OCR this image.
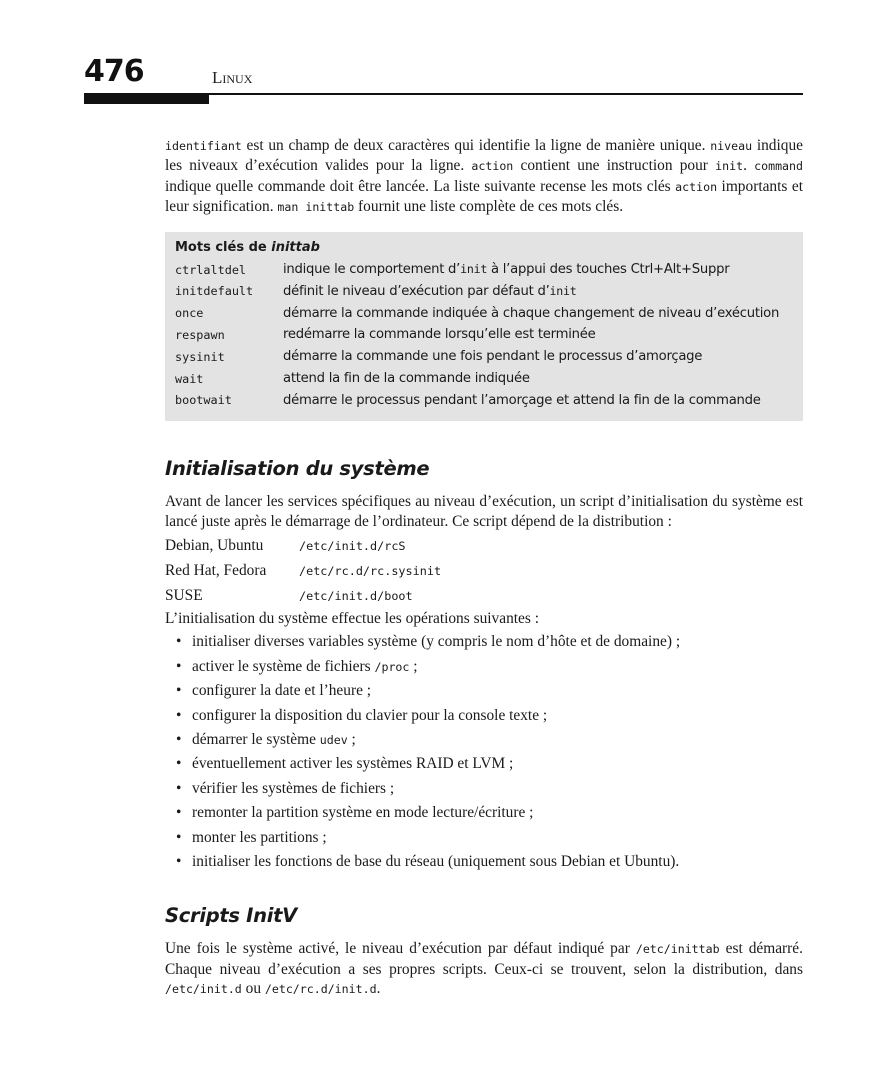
476	Linux

identifiant est un champ de deux caractères qui identifie la ligne de manière unique. niveau indique les niveaux d’exécution valides pour la ligne. action contient une instruction pour init. command indique quelle commande doit être lancée. La liste suivante recense les mots clés action importants et leur signification. man inittab fournit une liste complète de ces mots clés.

Mots clés de inittab
ctrlaltdel	indique le comportement d’init à l’appui des touches Ctrl+Alt+Suppr
initdefault	définit le niveau d’exécution par défaut d’init
once	démarre la commande indiquée à chaque changement de niveau d’exécution
respawn	redémarre la commande lorsqu’elle est terminée
sysinit	démarre la commande une fois pendant le processus d’amorçage
wait	attend la fin de la commande indiquée
bootwait	démarre le processus pendant l’amorçage et attend la fin de la commande
Initialisation du système

Avant de lancer les services spécifiques au niveau d’exécution, un script d’initialisation du système est lancé juste après le démarrage de l’ordinateur. Ce script dépend de la distribution :

Debian, Ubuntu	/etc/init.d/rcS
Red Hat, Fedora	/etc/rc.d/rc.sysinit
SUSE	/etc/init.d/boot

L’initialisation du système effectue les opérations suivantes :

• initialiser diverses variables système (y compris le nom d’hôte et de domaine) ;
• activer le système de fichiers /proc ;
• configurer la date et l’heure ;
• configurer la disposition du clavier pour la console texte ;
• démarrer le système udev ;
• éventuellement activer les systèmes RAID et LVM ;
• vérifier les systèmes de fichiers ;
• remonter la partition système en mode lecture/écriture ;
• monter les partitions ;
• initialiser les fonctions de base du réseau (uniquement sous Debian et Ubuntu).
Scripts InitV

Une fois le système activé, le niveau d’exécution par défaut indiqué par /etc/inittab est démarré. Chaque niveau d’exécution a ses propres scripts. Ceux-ci se trouvent, selon la distribution, dans /etc/init.d ou /etc/rc.d/init.d.
